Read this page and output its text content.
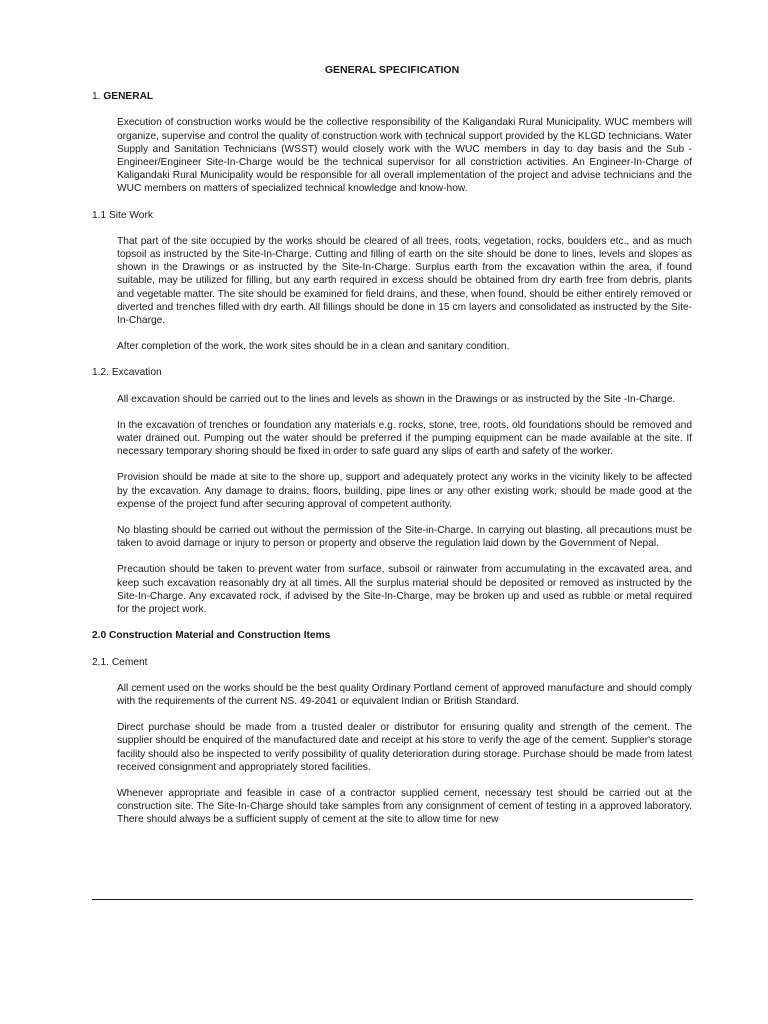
GENERAL SPECIFICATION
1. GENERAL

Execution of construction works would be the collective responsibility of the Kaligandaki Rural Municipality. WUC members will organize, supervise and control the quality of construction work with technical support provided by the KLGD technicians. Water Supply and Sanitation Technicians (WSST) would closely work with the WUC members in day to day basis and the Sub - Engineer/Engineer Site-In-Charge would be the technical supervisor for all constriction activities. An Engineer-In-Charge of Kaligandaki Rural Municipality would be responsible for all overall implementation of the project and advise technicians and the WUC members on matters of specialized technical knowledge and know-how.

1.1 Site Work

That part of the site occupied by the works should be cleared of all trees, roots, vegetation, rocks, boulders etc., and as much topsoil as instructed by the Site-In-Charge. Cutting and filling of earth on the site should be done to lines, levels and slopes as shown in the Drawings or as instructed by the Site-In-Charge. Surplus earth from the excavation within the area, if found suitable, may be utilized for filling, but any earth required in excess should be obtained from dry earth free from debris, plants and vegetable matter. The site should be examined for field drains, and these, when found, should be either entirely removed or diverted and trenches filled with dry earth. All fillings should be done in 15 cm layers and consolidated as instructed by the Site-In-Charge.

After completion of the work, the work sites should be in a clean and sanitary condition.

1.2. Excavation

All excavation should be carried out to the lines and levels as shown in the Drawings or as instructed by the Site -In-Charge.

In the excavation of trenches or foundation any materials e.g. rocks, stone, tree, roots, old foundations should be removed and water drained out. Pumping out the water should be preferred if the pumping equipment can be made available at the site. If necessary temporary shoring should be fixed in order to safe guard any slips of earth and safety of the worker.

Provision should be made at site to the shore up, support and adequately protect any works in the vicinity likely to be affected by the excavation. Any damage to drains, floors, building, pipe lines or any other existing work, should be made good at the expense of the project fund after securing approval of competent authority.

No blasting should be carried out without the permission of the Site-in-Charge. In carrying out blasting, all precautions must be taken to avoid damage or injury to person or property and observe the regulation laid down by the Government of Nepal.

Precaution should be taken to prevent water from surface, subsoil or rainwater from accumulating in the excavated area, and keep such excavation reasonably dry at all times. All the surplus material should be deposited or removed as instructed by the Site-In-Charge. Any excavated rock, if advised by the Site-In-Charge, may be broken up and used as rubble or metal required for the project work.

2.0 Construction Material and Construction Items
2.1. Cement

All cement used on the works should be the best quality Ordinary Portland cement of approved manufacture and should comply with the requirements of the current NS. 49-2041 or equivalent Indian or British Standard.

Direct purchase should be made from a trusted dealer or distributor for ensuring quality and strength of the cement. The supplier should be enquired of the manufactured date and receipt at his store to verify the age of the cement. Supplier's storage facility should also be inspected to verify possibility of quality deterioration during storage. Purchase should be made from latest received consignment and appropriately stored facilities.

Whenever appropriate and feasible in case of a contractor supplied cement, necessary test should be carried out at the construction site. The Site-In-Charge should take samples from any consignment of cement of testing in a approved laboratory. There should always be a sufficient supply of cement at the site to allow time for new
